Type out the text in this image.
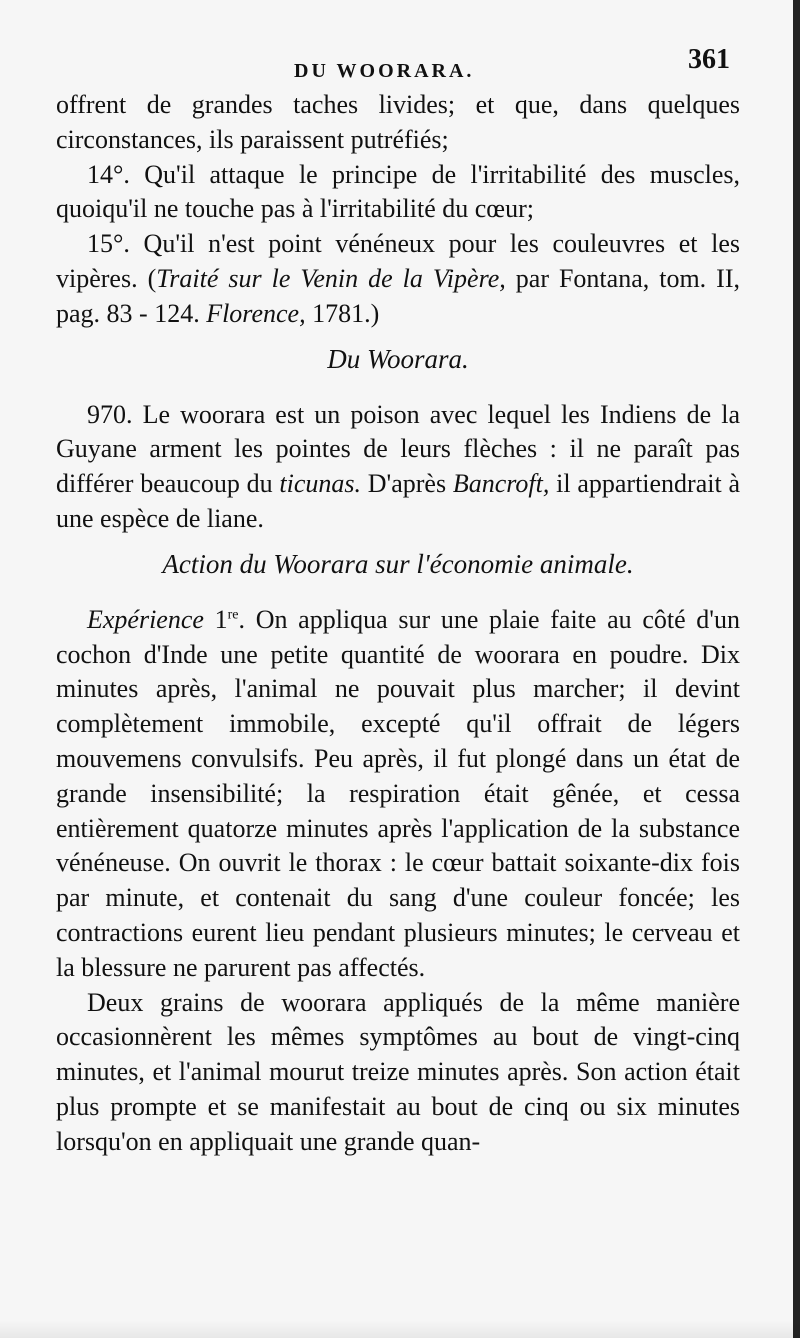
DU WOORARA.	361

offrent de grandes taches livides; et que, dans quelques circonstances, ils paraissent putréfiés;

14°. Qu'il attaque le principe de l'irritabilité des muscles, quoiqu'il ne touche pas à l'irritabilité du cœur;

15°. Qu'il n'est point vénéneux pour les couleuvres et les vipères. (Traité sur le Venin de la Vipère, par Fontana, tom. II, pag. 83 - 124. Florence, 1781.)

Du Woorara.

970. Le woorara est un poison avec lequel les Indiens de la Guyane arment les pointes de leurs flèches : il ne paraît pas différer beaucoup du ticunas. D'après Bancroft, il appartiendrait à une espèce de liane.

Action du Woorara sur l'économie animale.

Expérience 1re. On appliqua sur une plaie faite au côté d'un cochon d'Inde une petite quantité de woorara en poudre. Dix minutes après, l'animal ne pouvait plus marcher; il devint complètement immobile, excepté qu'il offrait de légers mouvemens convulsifs. Peu après, il fut plongé dans un état de grande insensibilité; la respiration était gênée, et cessa entièrement quatorze minutes après l'application de la substance vénéneuse. On ouvrit le thorax : le cœur battait soixante-dix fois par minute, et contenait du sang d'une couleur foncée; les contractions eurent lieu pendant plusieurs minutes; le cerveau et la blessure ne parurent pas affectés.

Deux grains de woorara appliqués de la même manière occasionnèrent les mêmes symptômes au bout de vingt-cinq minutes, et l'animal mourut treize minutes après. Son action était plus prompte et se manifestait au bout de cinq ou six minutes lorsqu'on en appliquait une grande quan-
